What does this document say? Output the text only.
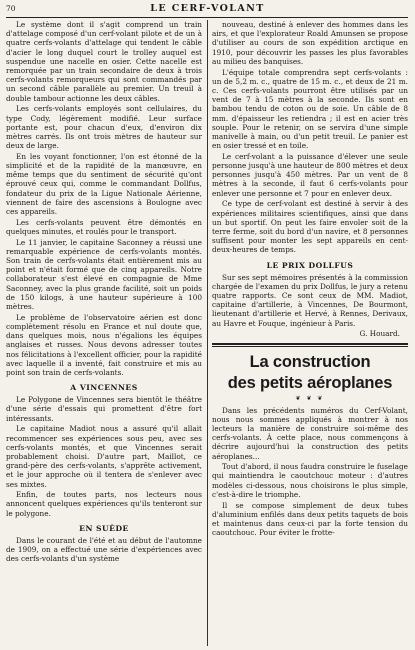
70	LE CERF-VOLANT

Le système dont il s'agit comprend un train d'attelage composé d'un cerf-volant pilote et de un à quatre cerfs-volants d'attelage qui tendent le câble d'acier le long duquel court le trolley auquel est suspendue une nacelle en osier. Cette nacelle est remorquée par un train secondaire de deux à trois cerfs-volants remorqueurs qui sont commandés par un second câble parallèle au premier. Un treuil à double tambour actionne les deux câbles.

Les cerfs-volants employés sont cellulaires, du type Cody, légèrement modifié. Leur surface portante est, pour chacun d'eux, d'environ dix mètres carrés. Ils ont trois mètres de hauteur sur deux de large.

En les voyant fonctionner, l'on est étonné de la simplicité et de la rapidité de la manœuvre, en même temps que du sentiment de sécurité qu'ont éprouvé ceux qui, comme le commandant Dollfus, fondateur du prix de la Ligue Nationale Aérienne, viennent de faire des ascensions à Boulogne avec ces appareils.

Les cerfs-volants peuvent être démontés en quelques minutes, et roulés pour le transport.

Le 11 janvier, le capitaine Saconney a réussi une remarquable expérience de cerfs-volants montés. Son train de cerfs-volants était entièrement mis au point et n'était formé que de cinq appareils. Notre collaborateur s'est élevé en compagnie de Mme Saconney, avec la plus grande facilité, soit un poids de 150 kilogs, à une hauteur supérieure à 100 mètres.

Le problème de l'observatoire aérien est donc complètement résolu en France et nul doute que, dans quelques mois, nous n'égalions les équipes anglaises et russes. Nous devons adresser toutes nos félicitations à l'excellent officier, pour la rapidité avec laquelle il a inventé, fait construire et mis au point son train de cerfs-volants.

A VINCENNES

Le Polygone de Vincennes sera bientôt le théâtre d'une série d'essais qui promettent d'être fort intéressants.

Le capitaine Madiot nous a assuré qu'il allait recommencer ses expériences sous peu, avec ses cerfs-volants montés, et que Vincennes serait probablement choisi. D'autre part, Maillot, ce grand-père des cerfs-volants, s'apprête activement, et le jour approche où il tentera de s'enlever avec ses mixtes.

Enfin, de toutes parts, nos lecteurs nous annoncent quelques expériences qu'ils tenteront sur le polygone.

EN SUÈDE

Dans le courant de l'été et au début de l'automne de 1909, on a effectué une série d'expériences avec des cerfs-volants d'un système

nouveau, destiné à enlever des hommes dans les airs, et que l'explorateur Roald Amunsen se propose d'utiliser au cours de son expédition arctique en 1910, pour découvrir les passes les plus favorables au milieu des banquises.

L'équipe totale comprendra sept cerfs-volants : un de 5,2 m. c., quatre de 15 m. c., et deux de 21 m. c. Ces cerfs-volants pourront être utilisés par un vent de 7 à 15 mètres à la seconde. Ils sont en bambou tendu de coton ou de soie. Un câble de 8 mm. d'épaisseur les retiendra ; il est en acier très souple. Pour le retenir, on se servira d'une simple manivelle à main, ou d'un petit treuil. Le panier est en osier tressé et en toile.

Le cerf-volant a la puissance d'élever une seule personne jusqu'à une hauteur de 800 mètres et deux personnes jusqu'à 450 mètres. Par un vent de 8 mètres à la seconde, il faut 6 cerfs-volants pour enlever une personne et 7 pour en enlever deux.

Ce type de cerf-volant est destiné à servir à des expériences militaires scientifiques, ainsi que dans un but sportif. On peut les faire envoler soit de la terre ferme, soit du bord d'un navire, et 8 personnes suffisent pour monter les sept appareils en cent-deux-heures de temps.

LE PRIX DOLLFUS

Sur ses sept mémoires présentés à la commission chargée de l'examen du prix Dollfus, le jury a retenu quatre rapports. Ce sont ceux de MM. Madiot, capitaine d'artillerie, à Vincennes, De Bourmont, lieutenant d'artillerie et Hervé, à Rennes, Derivaux, au Havre et Fouque, ingénieur à Paris.

G. Houard.

La construction
des petits aéroplanes
❦ ❦ ❦

Dans les précédents numéros du Cerf-Volant, nous nous sommes appliqués à montrer à nos lecteurs la manière de construire soi-même des cerfs-volants. À cette place, nous commençons à décrire aujourd'hui la construction des petits aéroplanes...

Tout d'abord, il nous faudra construire le fuselage qui maintiendra le caoutchouc moteur : d'autres modèles ci-dessous, nous choisirons le plus simple, c'est-à-dire le triomphe.

Il se compose simplement de deux tubes d'aluminium enfilés dans deux petits taquets de bois et maintenus dans ceux-ci par la forte tension du caoutchouc. Pour éviter le frotte-
